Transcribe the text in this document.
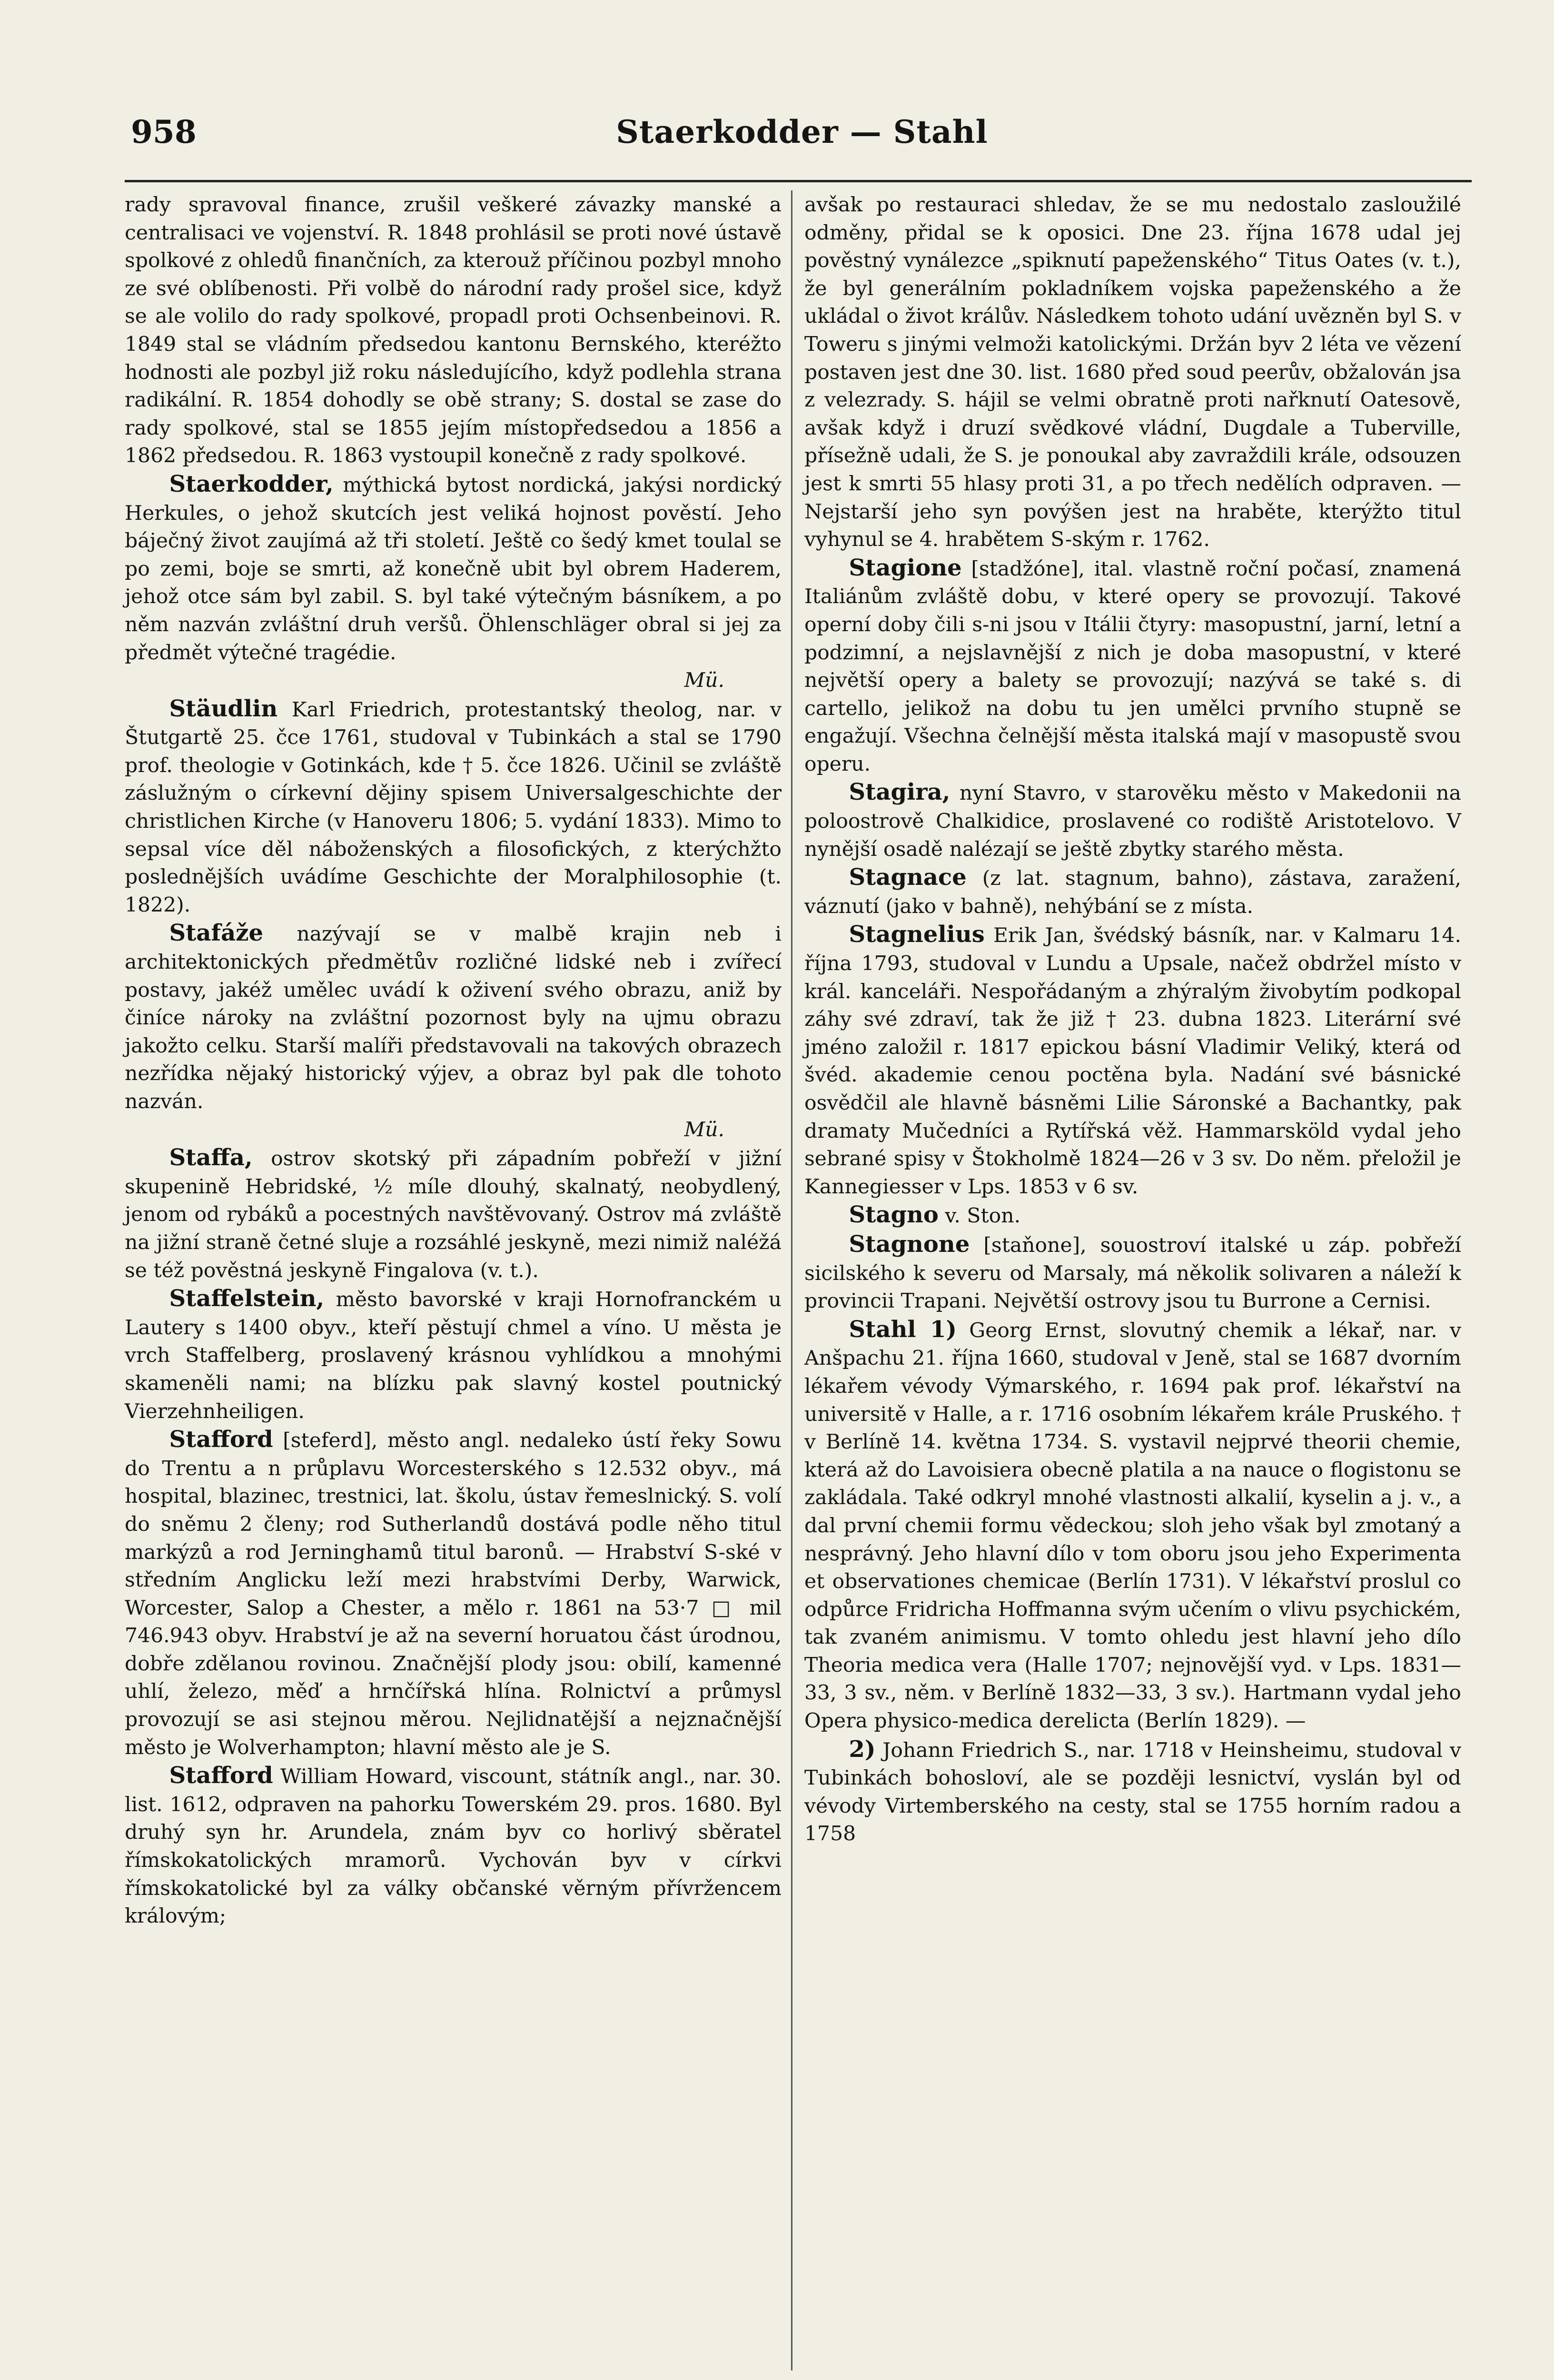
958	Staerkodder — Stahl

rady spravoval finance, zrušil veškeré závazky manské a centralisaci ve vojenství. R. 1848 prohlásil se proti nové ústavě spolkové z ohledů finančních, za kterouž příčinou pozbyl mnoho ze své oblíbenosti. Při volbě do národní rady prošel sice, když se ale volilo do rady spolkové, propadl proti Ochsenbeinovi. R. 1849 stal se vládním předsedou kantonu Bernského, kteréžto hodnosti ale pozbyl již roku následujícího, když podlehla strana radikální. R. 1854 dohodly se obě strany; S. dostal se zase do rady spolkové, stal se 1855 jejím místopředsedou a 1856 a 1862 předsedou. R. 1863 vystoupil konečně z rady spolkové.

Staerkodder, mýthická bytost nordická, jakýsi nordický Herkules, o jehož skutcích jest veliká hojnost pověstí. Jeho báječný život zaujímá až tři století. Ještě co šedý kmet toulal se po zemi, boje se smrti, až konečně ubit byl obrem Haderem, jehož otce sám byl zabil. S. byl také výtečným básníkem, a po něm nazván zvláštní druh veršů. Öhlenschläger obral si jej za předmět výtečné tragédie.
Mü.

Stäudlin Karl Friedrich, protestantský theolog, nar. v Štutgartě 25. čce 1761, studoval v Tubinkách a stal se 1790 prof. theologie v Gotinkách, kde † 5. čce 1826. Učinil se zvláště záslužným o církevní dějiny spisem Universalgeschichte der christlichen Kirche (v Hanoveru 1806; 5. vydání 1833). Mimo to sepsal více děl náboženských a filosofických, z kterýchžto posledněјších uvádíme Geschichte der Moralphilosophie (t. 1822).

Stafáže nazývají se v malbě krajin neb i architektonických předmětův rozličné lidské neb i zvířecí postavy, jakéž umělec uvádí k oživení svého obrazu, aniž by činíce nároky na zvláštní pozornost byly na ujmu obrazu jakožto celku. Starší malíři představovali na takových obrazech nezřídka nějaký historický výjev, a obraz byl pak dle tohoto nazván.
Mü.

Staffa, ostrov skotský při západním pobřeží v jižní skupenině Hebridské, ½ míle dlouhý, skalnatý, neobydlený, jenom od rybáků a pocestných navštěvovaný. Ostrov má zvláště na jižní straně četné sluje a rozsáhlé jeskyně, mezi nimiž naléžá se též pověstná jeskyně Fingalova (v. t.).

Staffelstein, město bavorské v kraji Hornofranckém u Lautery s 1400 obyv., kteří pěstují chmel a víno. U města je vrch Staffelberg, proslavený krásnou vyhlídkou a mnohými skameněli nami; na blízku pak slavný kostel poutnický Vierzehnheiligen.

Stafford [steferd], město angl. nedaleko ústí řeky Sowu do Trentu a n průplavu Worcesterského s 12.532 obyv., má hospital, blazinec, trestnici, lat. školu, ústav řemeslnický. S. volí do sněmu 2 členy; rod Sutherlandů dostává podle něho titul markýzů a rod Jerninghamů titul baronů. — Hrabství S-ské v středním Anglicku leží mezi hrabstvími Derby, Warwick, Worcester, Salop a Chester, a mělo r. 1861 na 53·7 □ mil 746.943 obyv. Hrabství je až na severní horuatou část úrodnou, dobře zdělanou rovinou. Značnější plody jsou: obilí, kamenné uhlí, železo, měď a hrnčířská hlína. Rolnictví a průmysl provozují se asi stejnou měrou. Nejlidnatější a nejznačnější město je Wolverhampton; hlavní město ale je S.

Stafford William Howard, viscount, státník angl., nar. 30. list. 1612, odpraven na pahorku Towerském 29. pros. 1680. Byl druhý syn hr. Arundela, znám byv co horlivý sběratel římskokatolických mramorů. Vychován byv v církvi římskokatolické byl za války občanské věrným přívržencem královým;

avšak po restauraci shledav, že se mu nedostalo zasloužilé odměny, přidal se k oposici. Dne 23. října 1678 udal jej pověstný vynálezce „spiknutí papeženského“ Titus Oates (v. t.), že byl generálním pokladníkem vojska papeženského a že ukládal o život králův. Následkem tohoto udání uvězněn byl S. v Toweru s jinými velmoži katolickými. Držán byv 2 léta ve vězení postaven jest dne 30. list. 1680 před soud peerův, obžalován jsa z velezrady. S. hájil se velmi obratně proti nařknutí Oatesově, avšak když i druzí svědkové vládní, Dugdale a Tuberville, přísežně udali, že S. je ponoukal aby zavraždili krále, odsouzen jest k smrti 55 hlasy proti 31, a po třech nedělích odpraven. — Nejstarší jeho syn povýšen jest na hraběte, kterýžto titul vyhynul se 4. hrabětem S-ským r. 1762.

Stagione [stadžóne], ital. vlastně roční počasí, znamená Italiánům zvláště dobu, v které opery se provozují. Takové operní doby čili s-ni jsou v Itálii čtyry: masopustní, jarní, letní a podzimní, a nejslavnější z nich je doba masopustní, v které největší opery a balety se provozují; nazývá se také s. di cartello, jelikož na dobu tu jen umělci prvního stupně se engažují. Všechna čelnější města italská mají v masopustě svou operu.

Stagira, nyní Stavro, v starověku město v Makedonii na poloostrově Chalkidice, proslavené co rodiště Aristotelovo. V nynější osadě nalézají se ještě zbytky starého města.

Stagnace (z lat. stagnum, bahno), zástava, zaražení, váznutí (jako v bahně), nehýbání se z místa.

Stagnelius Erik Jan, švédský básník, nar. v Kalmaru 14. října 1793, studoval v Lundu a Upsale, načež obdržel místo v král. kanceláři. Nespořádaným a zhýralým živobytím podkopal záhy své zdraví, tak že již † 23. dubna 1823. Literární své jméno založil r. 1817 epickou básní Vladimir Veliký, která od švéd. akademie cenou poctěna byla. Nadání své básnické osvědčil ale hlavně básněmi Lilie Sáronské a Bachantky, pak dramaty Mučedníci a Rytířská věž. Hammarsköld vydal jeho sebrané spisy v Štokholmě 1824—26 v 3 sv. Do něm. přeložil je Kannegiesser v Lps. 1853 v 6 sv.

Stagno v. Ston.

Stagnone [staňone], souostroví italské u záp. pobřeží sicilského k severu od Marsaly, má několik solivaren a náleží k provincii Trapani. Největší ostrovy jsou tu Burrone a Cernisi.

Stahl 1) Georg Ernst, slovutný chemik a lékař, nar. v Anšpachu 21. října 1660, studoval v Jeně, stal se 1687 dvorním lékařem vévody Výmarského, r. 1694 pak prof. lékařství na universitě v Halle, a r. 1716 osobním lékařem krále Pruského. † v Berlíně 14. května 1734. S. vystavil nejprvé theorii chemie, která až do Lavoisiera obecně platila a na nauce o flogistonu se zakládala. Také odkryl mnohé vlastnosti alkalií, kyselin a j. v., a dal první chemii formu vědeckou; sloh jeho však byl zmotaný a nesprávný. Jeho hlavní dílo v tom oboru jsou jeho Experimenta et observationes chemicae (Berlín 1731). V lékařství proslul co odpůrce Fridricha Hoffmanna svým učením o vlivu psychickém, tak zvaném animismu. V tomto ohledu jest hlavní jeho dílo Theoria medica vera (Halle 1707; nejnovější vyd. v Lps. 1831—33, 3 sv., něm. v Berlíně 1832—33, 3 sv.). Hartmann vydal jeho Opera physico-medica derelicta (Berlín 1829). —

2) Johann Friedrich S., nar. 1718 v Heinsheimu, studoval v Tubinkách bohosloví, ale se později lesnictví, vyslán byl od vévody Virtemberského na cesty, stal se 1755 horním radou a 1758
